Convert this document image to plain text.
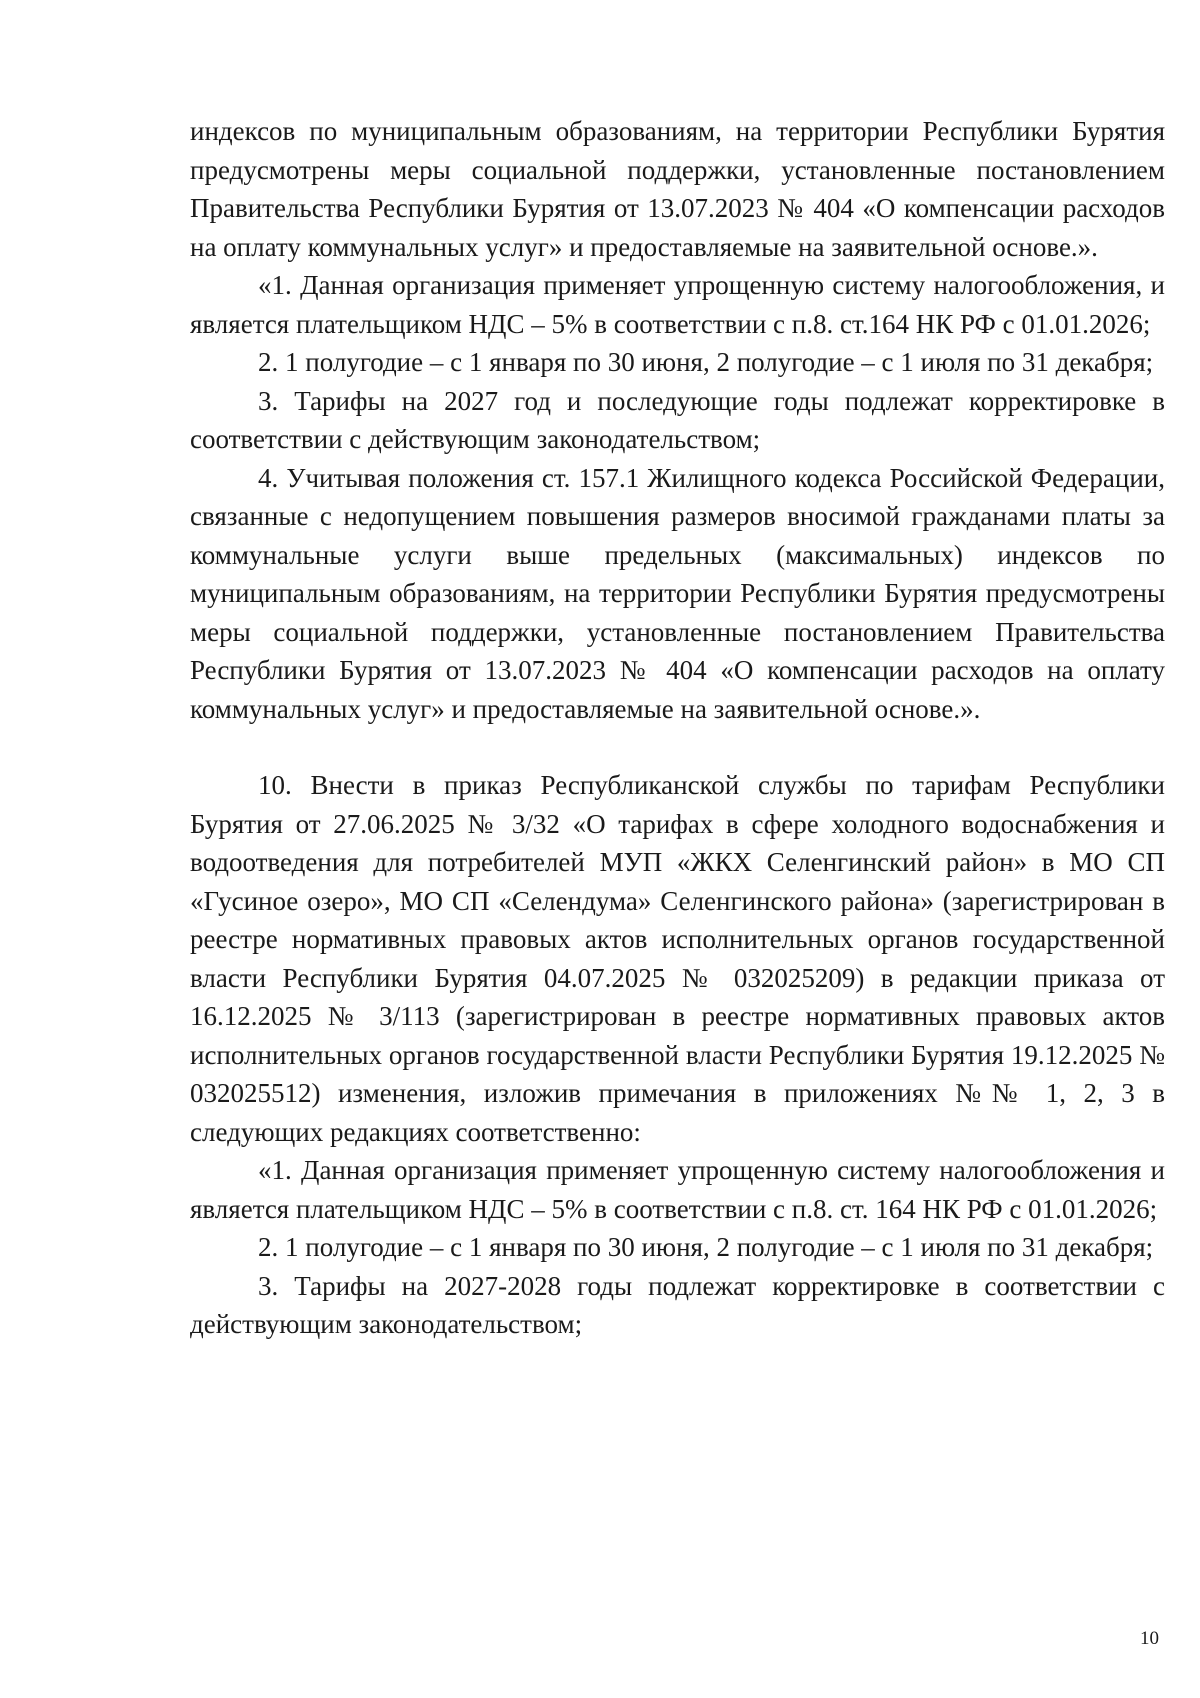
индексов по муниципальным образованиям, на территории Республики Бурятия предусмотрены меры социальной поддержки, установленные постановлением Правительства Республики Бурятия от 13.07.2023 № 404 «О компенсации расходов на оплату коммунальных услуг» и предоставляемые на заявительной основе.».

«1. Данная организация применяет упрощенную систему налогообложения, и является плательщиком НДС – 5% в соответствии с п.8. ст.164 НК РФ с 01.01.2026;

2. 1 полугодие – с 1 января по 30 июня, 2 полугодие – с 1 июля по 31 декабря;

3. Тарифы на 2027 год и последующие годы подлежат корректировке в соответствии с действующим законодательством;

4. Учитывая положения ст. 157.1 Жилищного кодекса Российской Федерации, связанные с недопущением повышения размеров вносимой гражданами платы за коммунальные услуги выше предельных (максимальных) индексов по муниципальным образованиям, на территории Республики Бурятия предусмотрены меры социальной поддержки, установленные постановлением Правительства Республики Бурятия от 13.07.2023 № 404 «О компенсации расходов на оплату коммунальных услуг» и предоставляемые на заявительной основе.».

10. Внести в приказ Республиканской службы по тарифам Республики Бурятия от 27.06.2025 № 3/32 «О тарифах в сфере холодного водоснабжения и водоотведения для потребителей МУП «ЖКХ Селенгинский район» в МО СП «Гусиное озеро», МО СП «Селендума» Селенгинского района» (зарегистрирован в реестре нормативных правовых актов исполнительных органов государственной власти Республики Бурятия 04.07.2025 № 032025209) в редакции приказа от 16.12.2025 № 3/113 (зарегистрирован в реестре нормативных правовых актов исполнительных органов государственной власти Республики Бурятия 19.12.2025 № 032025512) изменения, изложив примечания в приложениях №№ 1, 2, 3 в следующих редакциях соответственно:

«1. Данная организация применяет упрощенную систему налогообложения и является плательщиком НДС – 5% в соответствии с п.8. ст. 164 НК РФ с 01.01.2026;

2. 1 полугодие – с 1 января по 30 июня, 2 полугодие – с 1 июля по 31 декабря;

3. Тарифы на 2027-2028 годы подлежат корректировке в соответствии с действующим законодательством;

10
